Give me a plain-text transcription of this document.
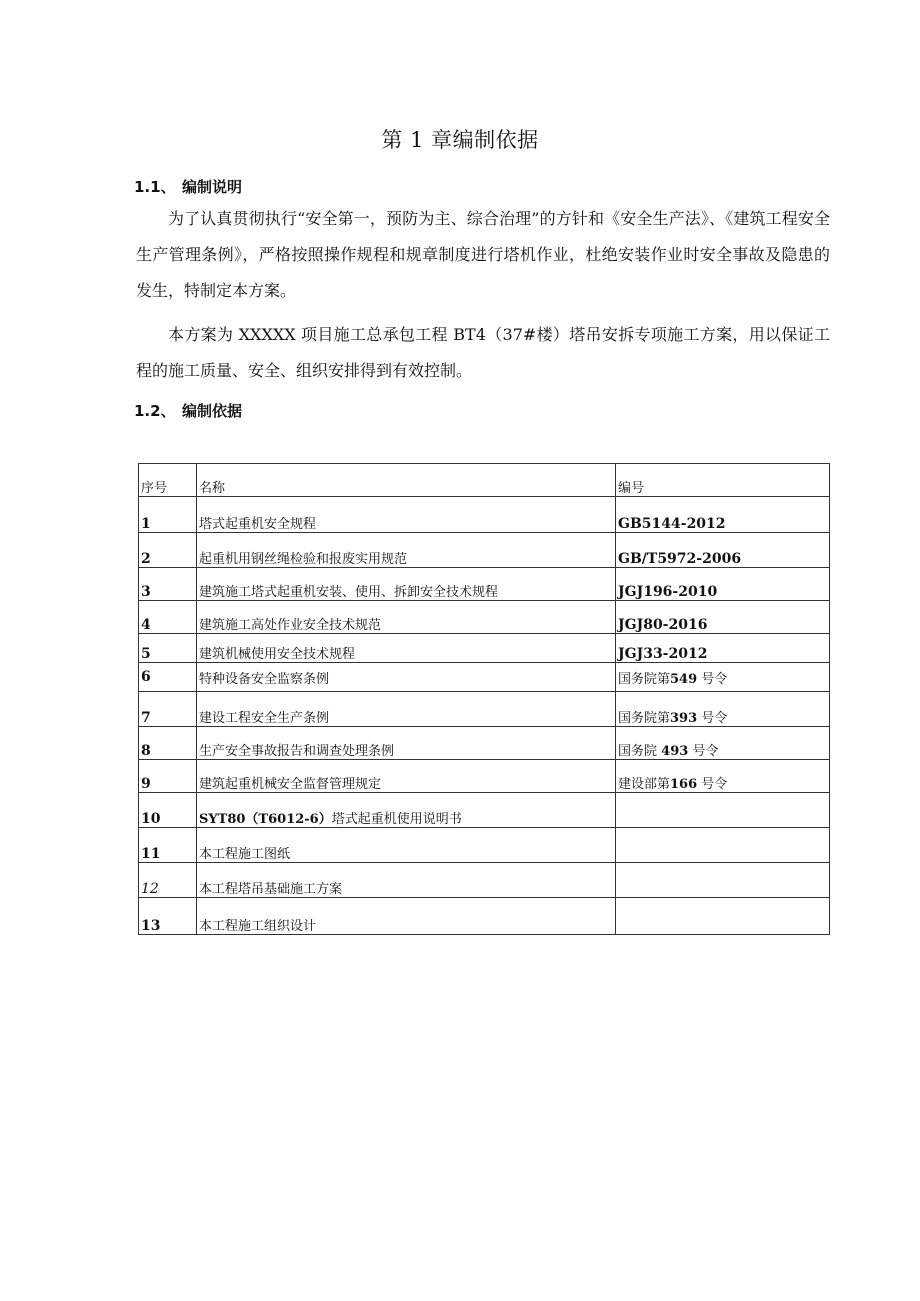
第 1 章编制依据
1.1、 编制说明
为了认真贯彻执行“安全第一，预防为主、综合治理”的方针和《安全生产法》、《建筑工程安全生产管理条例》，严格按照操作规程和规章制度进行塔机作业，杜绝安装作业时安全事故及隐患的发生，特制定本方案。
本方案为 XXXXX 项目施工总承包工程 BT4（37#楼）塔吊安拆专项施工方案，用以保证工程的施工质量、安全、组织安排得到有效控制。
1.2、 编制依据
序号	名称	编号
1	塔式起重机安全规程	GB5144-2012
2	起重机用钢丝绳检验和报废实用规范	GB/T5972-2006
3	建筑施工塔式起重机安装、使用、拆卸安全技术规程	JGJ196-2010
4	建筑施工高处作业安全技术规范	JGJ80-2016
5	建筑机械使用安全技术规程	JGJ33-2012
6	特种设备安全监察条例	国务院第549 号令
7	建设工程安全生产条例	国务院第393 号令
8	生产安全事故报告和调查处理条例	国务院 493 号令
9	建筑起重机械安全监督管理规定	建设部第166 号令
10	SYT80（T6012-6）塔式起重机使用说明书	
11	本工程施工图纸	
12	本工程塔吊基础施工方案	
13	本工程施工组织设计	
